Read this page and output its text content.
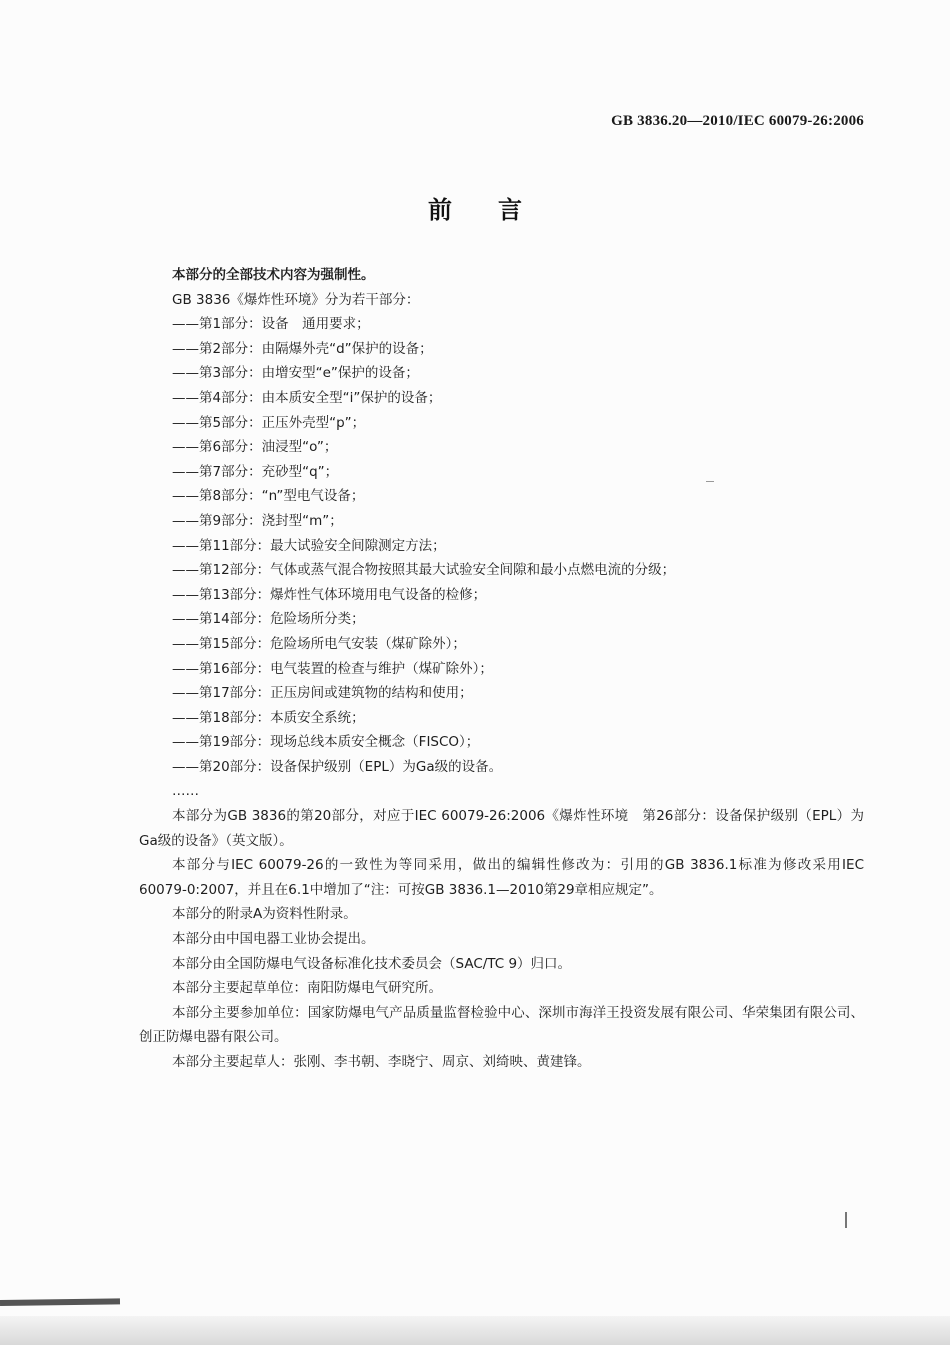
GB 3836.20—2010/IEC 60079-26:2006
前言

本部分的全部技术内容为强制性。

GB 3836《爆炸性环境》分为若干部分：

——第1部分：设备　通用要求；

——第2部分：由隔爆外壳“d”保护的设备；

——第3部分：由增安型“e”保护的设备；

——第4部分：由本质安全型“i”保护的设备；

——第5部分：正压外壳型“p”；

——第6部分：油浸型“o”；

——第7部分：充砂型“q”；

——第8部分：“n”型电气设备；

——第9部分：浇封型“m”；

——第11部分：最大试验安全间隙测定方法；

——第12部分：气体或蒸气混合物按照其最大试验安全间隙和最小点燃电流的分级；

——第13部分：爆炸性气体环境用电气设备的检修；

——第14部分：危险场所分类；

——第15部分：危险场所电气安装（煤矿除外）；

——第16部分：电气装置的检查与维护（煤矿除外）；

——第17部分：正压房间或建筑物的结构和使用；

——第18部分：本质安全系统；

——第19部分：现场总线本质安全概念（FISCO）；

——第20部分：设备保护级别（EPL）为Ga级的设备。

……

本部分为GB 3836的第20部分，对应于IEC 60079-26:2006《爆炸性环境　第26部分：设备保护级别（EPL）为Ga级的设备》（英文版）。

本部分与IEC 60079-26的一致性为等同采用，做出的编辑性修改为：引用的GB 3836.1标准为修改采用IEC 60079-0:2007，并且在6.1中增加了“注：可按GB 3836.1—2010第29章相应规定”。

本部分的附录A为资料性附录。

本部分由中国电器工业协会提出。

本部分由全国防爆电气设备标准化技术委员会（SAC/TC 9）归口。

本部分主要起草单位：南阳防爆电气研究所。

本部分主要参加单位：国家防爆电气产品质量监督检验中心、深圳市海洋王投资发展有限公司、华荣集团有限公司、创正防爆电器有限公司。

本部分主要起草人：张刚、李书朝、李晓宁、周京、刘绮映、黄建锋。
